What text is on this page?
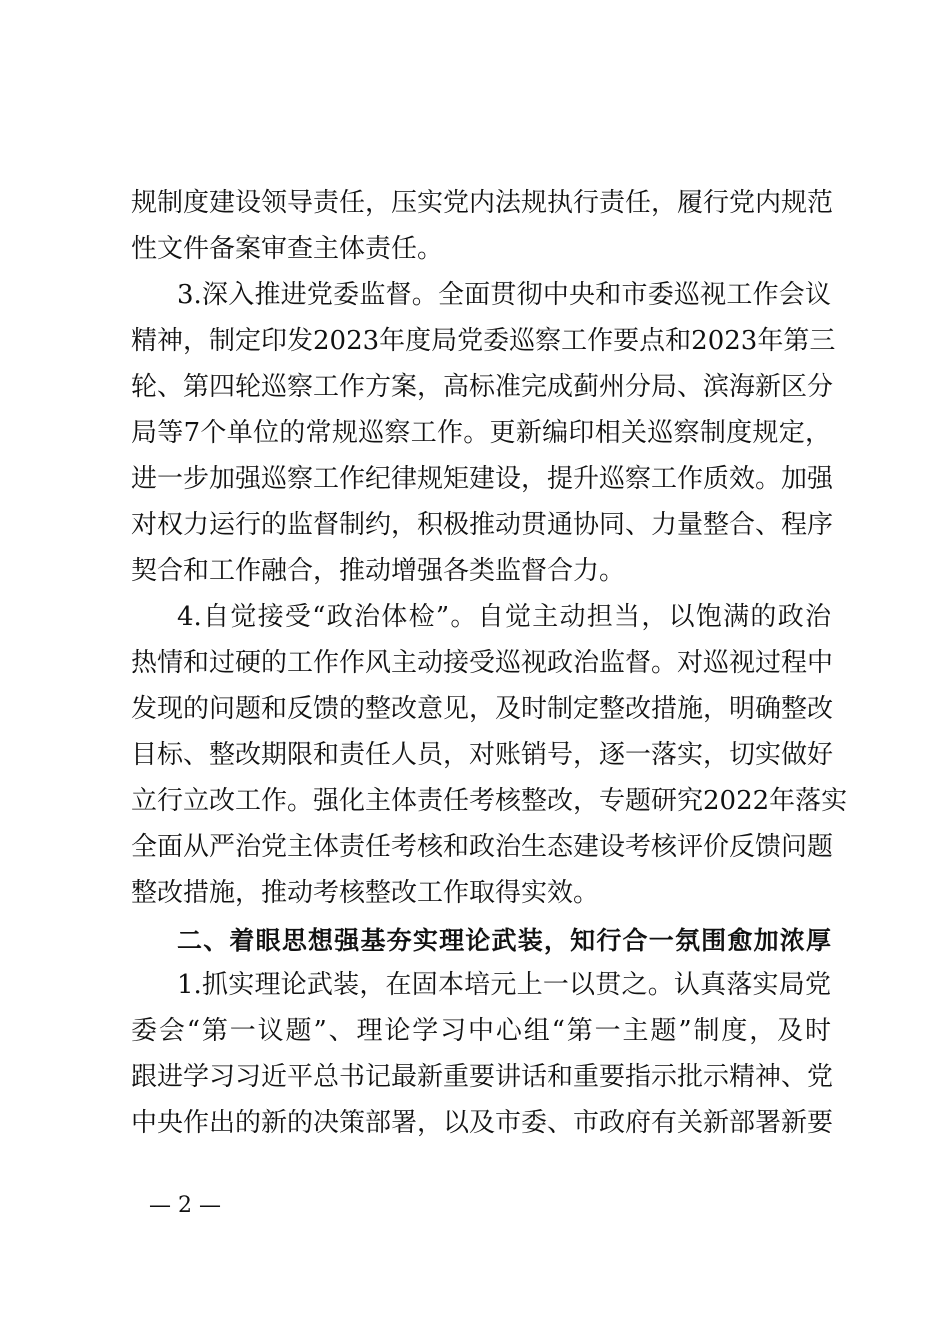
规制度建设领导责任，压实党内法规执行责任，履行党内规范
性文件备案审查主体责任。
3.深入推进党委监督。全面贯彻中央和市委巡视工作会议
精神，制定印发2023年度局党委巡察工作要点和2023年第三
轮、第四轮巡察工作方案，高标准完成蓟州分局、滨海新区分
局等7个单位的常规巡察工作。更新编印相关巡察制度规定，
进一步加强巡察工作纪律规矩建设，提升巡察工作质效。加强
对权力运行的监督制约，积极推动贯通协同、力量整合、程序
契合和工作融合，推动增强各类监督合力。
4.自觉接受“政治体检”。自觉主动担当，以饱满的政治
热情和过硬的工作作风主动接受巡视政治监督。对巡视过程中
发现的问题和反馈的整改意见，及时制定整改措施，明确整改
目标、整改期限和责任人员，对账销号，逐一落实，切实做好
立行立改工作。强化主体责任考核整改，专题研究2022年落实
全面从严治党主体责任考核和政治生态建设考核评价反馈问题
整改措施，推动考核整改工作取得实效。
二、着眼思想强基夯实理论武装，知行合一氛围愈加浓厚
1.抓实理论武装，在固本培元上一以贯之。认真落实局党
委会“第一议题”、理论学习中心组“第一主题”制度，及时
跟进学习习近平总书记最新重要讲话和重要指示批示精神、党
中央作出的新的决策部署，以及市委、市政府有关新部署新要
— 2 —
